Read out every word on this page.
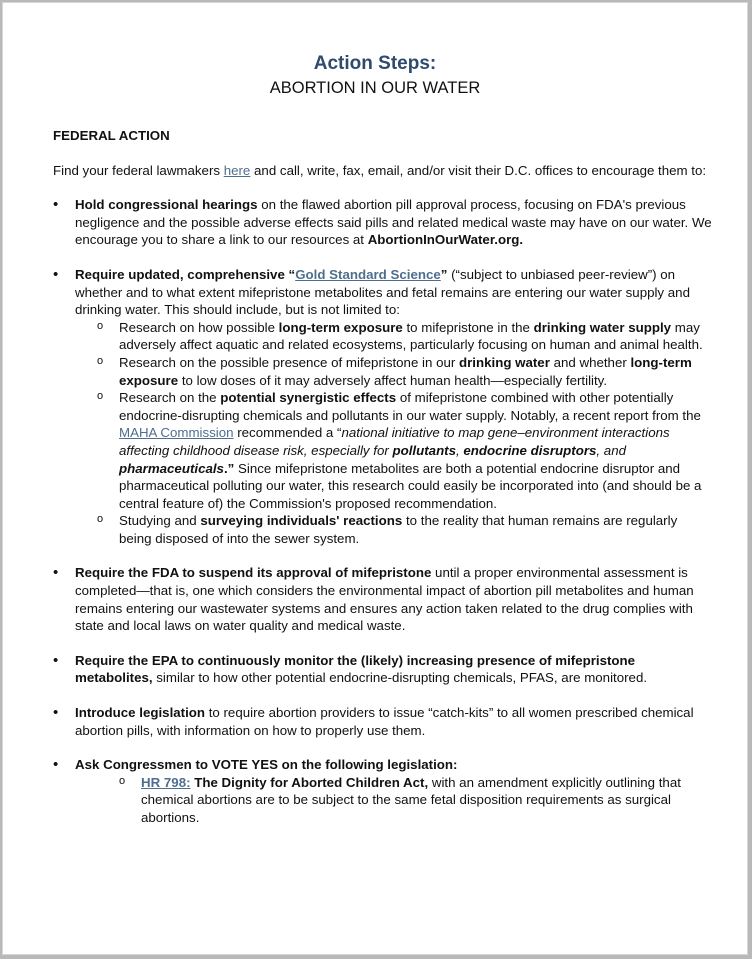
Action Steps:
ABORTION IN OUR WATER
FEDERAL ACTION
Find your federal lawmakers here and call, write, fax, email, and/or visit their D.C. offices to encourage them to:
• Hold congressional hearings on the flawed abortion pill approval process, focusing on FDA's previous negligence and the possible adverse effects said pills and related medical waste may have on our water. We encourage you to share a link to our resources at AbortionInOurWater.org.
• Require updated, comprehensive “Gold Standard Science” (“subject to unbiased peer-review”) on whether and to what extent mifepristone metabolites and fetal remains are entering our water supply and drinking water. This should include, but is not limited to:
o Research on how possible long-term exposure to mifepristone in the drinking water supply may adversely affect aquatic and related ecosystems, particularly focusing on human and animal health.
o Research on the possible presence of mifepristone in our drinking water and whether long-term exposure to low doses of it may adversely affect human health—especially fertility.
o Research on the potential synergistic effects of mifepristone combined with other potentially endocrine-disrupting chemicals and pollutants in our water supply. Notably, a recent report from the MAHA Commission recommended a “national initiative to map gene–environment interactions affecting childhood disease risk, especially for pollutants, endocrine disruptors, and pharmaceuticals.” Since mifepristone metabolites are both a potential endocrine disruptor and pharmaceutical polluting our water, this research could easily be incorporated into (and should be a central feature of) the Commission's proposed recommendation.
o Studying and surveying individuals' reactions to the reality that human remains are regularly being disposed of into the sewer system.
• Require the FDA to suspend its approval of mifepristone until a proper environmental assessment is completed—that is, one which considers the environmental impact of abortion pill metabolites and human remains entering our wastewater systems and ensures any action taken related to the drug complies with state and local laws on water quality and medical waste.
• Require the EPA to continuously monitor the (likely) increasing presence of mifepristone metabolites, similar to how other potential endocrine-disrupting chemicals, PFAS, are monitored.
• Introduce legislation to require abortion providers to issue “catch-kits” to all women prescribed chemical abortion pills, with information on how to properly use them.
• Ask Congressmen to VOTE YES on the following legislation:
o HR 798: The Dignity for Aborted Children Act, with an amendment explicitly outlining that chemical abortions are to be subject to the same fetal disposition requirements as surgical abortions.
